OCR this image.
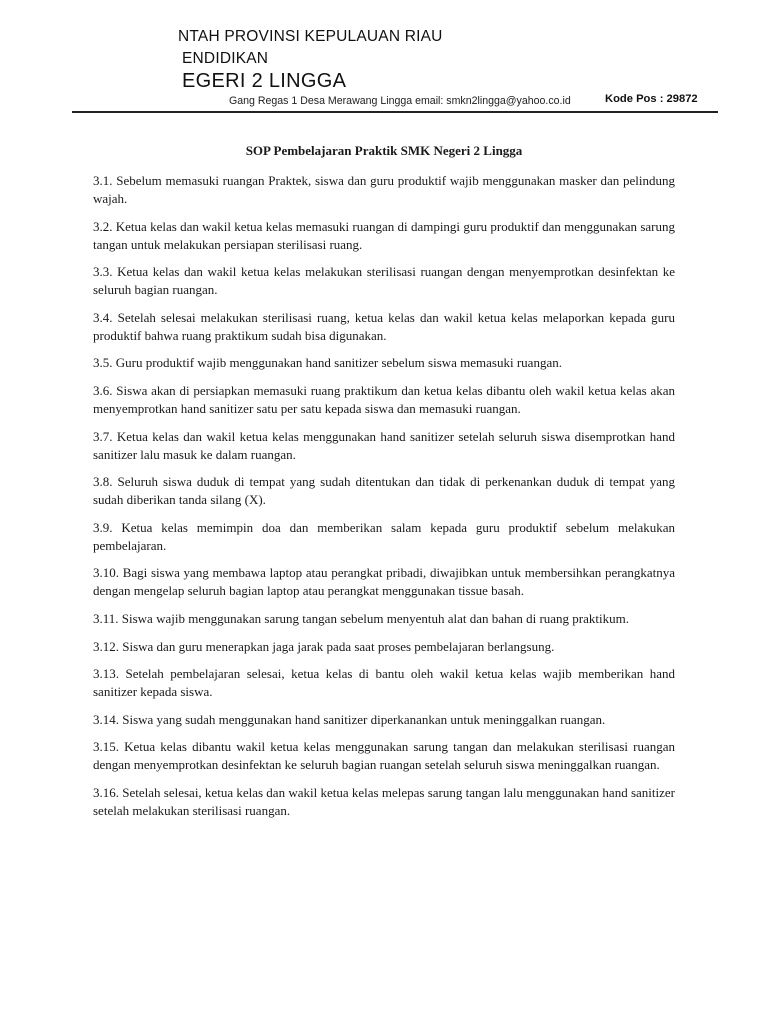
NTAH PROVINSI KEPULAUAN RIAU
ENDIDIKAN
EGERI 2 LINGGA
Gang Regas 1 Desa Merawang Lingga email: smkn2lingga@yahoo.co.id	Kode Pos : 29872
SOP Pembelajaran Praktik SMK Negeri 2 Lingga

3.1. Sebelum memasuki ruangan Praktek, siswa dan guru produktif wajib menggunakan masker dan pelindung wajah.

3.2. Ketua kelas dan wakil ketua kelas memasuki ruangan di dampingi guru produktif dan menggunakan sarung tangan untuk melakukan persiapan sterilisasi ruang.

3.3. Ketua kelas dan wakil ketua kelas melakukan sterilisasi ruangan dengan menyemprotkan desinfektan ke seluruh bagian ruangan.

3.4. Setelah selesai melakukan sterilisasi ruang, ketua kelas dan wakil ketua kelas melaporkan kepada guru produktif bahwa ruang praktikum sudah bisa digunakan.

3.5. Guru produktif wajib menggunakan hand sanitizer sebelum siswa memasuki ruangan.

3.6. Siswa akan di persiapkan memasuki ruang praktikum dan ketua kelas dibantu oleh wakil ketua kelas akan menyemprotkan hand sanitizer satu per satu kepada siswa dan memasuki ruangan.

3.7. Ketua kelas dan wakil ketua kelas menggunakan hand sanitizer setelah seluruh siswa disemprotkan hand sanitizer lalu masuk ke dalam ruangan.

3.8. Seluruh siswa duduk di tempat yang sudah ditentukan dan tidak di perkenankan duduk di tempat yang sudah diberikan tanda silang (X).

3.9. Ketua kelas memimpin doa dan memberikan salam kepada guru produktif sebelum melakukan pembelajaran.

3.10. Bagi siswa yang membawa laptop atau perangkat pribadi, diwajibkan untuk membersihkan perangkatnya dengan mengelap seluruh bagian laptop atau perangkat menggunakan tissue basah.

3.11. Siswa wajib menggunakan sarung tangan sebelum menyentuh alat dan bahan di ruang praktikum.

3.12. Siswa dan guru menerapkan jaga jarak pada saat proses pembelajaran berlangsung.

3.13. Setelah pembelajaran selesai, ketua kelas di bantu oleh wakil ketua kelas wajib memberikan hand sanitizer kepada siswa.

3.14. Siswa yang sudah menggunakan hand sanitizer diperkanankan untuk meninggalkan ruangan.

3.15. Ketua kelas dibantu wakil ketua kelas menggunakan sarung tangan dan melakukan sterilisasi ruangan dengan menyemprotkan desinfektan ke seluruh bagian ruangan setelah seluruh siswa meninggalkan ruangan.

3.16. Setelah selesai, ketua kelas dan wakil ketua kelas melepas sarung tangan lalu menggunakan hand sanitizer setelah melakukan sterilisasi ruangan.
